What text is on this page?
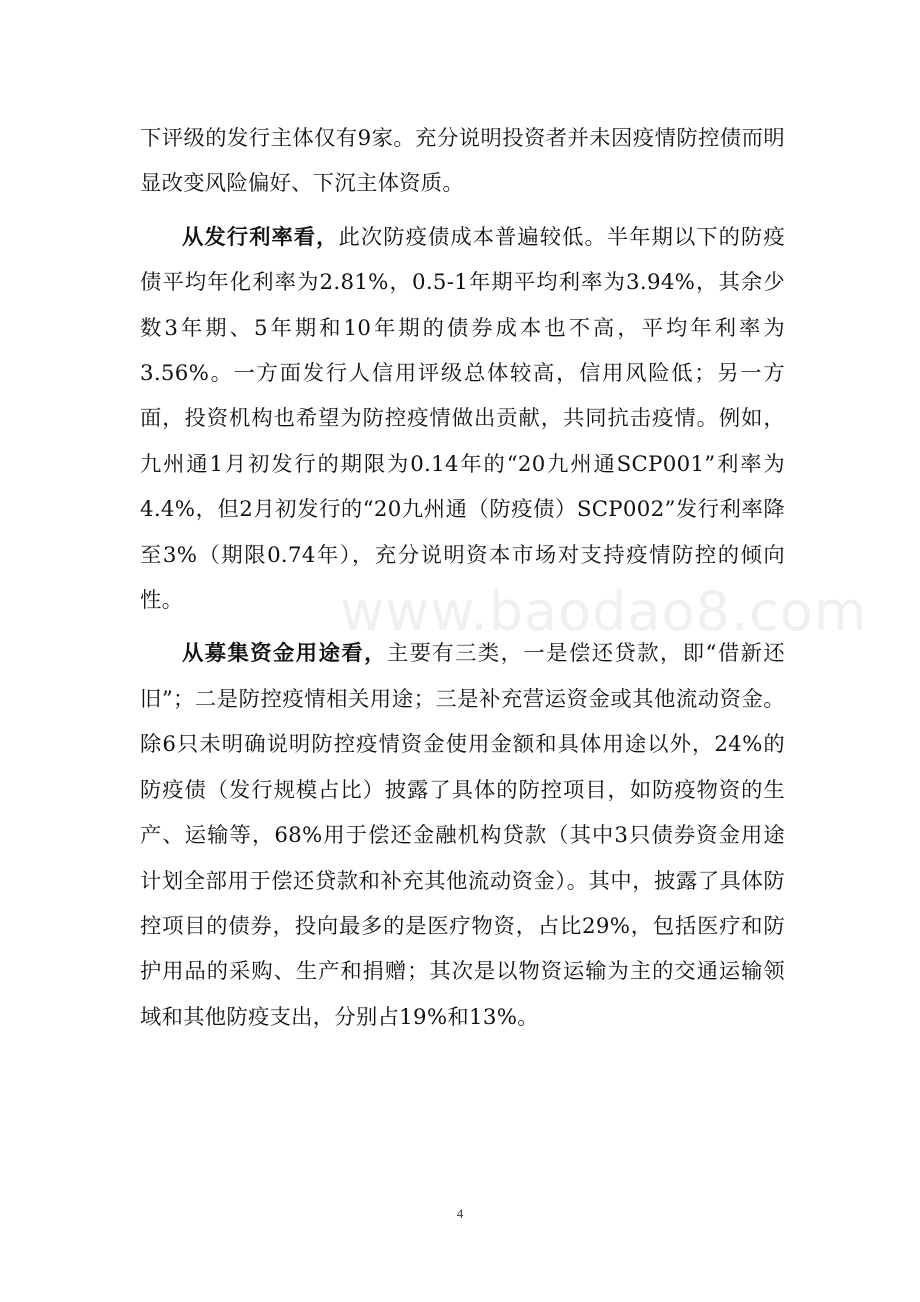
下评级的发行主体仅有9家。充分说明投资者并未因疫情防控债而明显改变风险偏好、下沉主体资质。

从发行利率看，此次防疫债成本普遍较低。半年期以下的防疫债平均年化利率为2.81%，0.5-1年期平均利率为3.94%，其余少数3年期、5年期和10年期的债券成本也不高，平均年利率为3.56%。一方面发行人信用评级总体较高，信用风险低；另一方面，投资机构也希望为防控疫情做出贡献，共同抗击疫情。例如，九州通1月初发行的期限为0.14年的“20九州通SCP001”利率为4.4%，但2月初发行的“20九州通（防疫债）SCP002”发行利率降至3%（期限0.74年），充分说明资本市场对支持疫情防控的倾向性。

从募集资金用途看，主要有三类，一是偿还贷款，即“借新还旧”；二是防控疫情相关用途；三是补充营运资金或其他流动资金。除6只未明确说明防控疫情资金使用金额和具体用途以外，24%的防疫债（发行规模占比）披露了具体的防控项目，如防疫物资的生产、运输等，68%用于偿还金融机构贷款（其中3只债券资金用途计划全部用于偿还贷款和补充其他流动资金）。其中，披露了具体防控项目的债券，投向最多的是医疗物资，占比29%，包括医疗和防护用品的采购、生产和捐赠；其次是以物资运输为主的交通运输领域和其他防疫支出，分别占19%和13%。

www.baodao8.com
4
